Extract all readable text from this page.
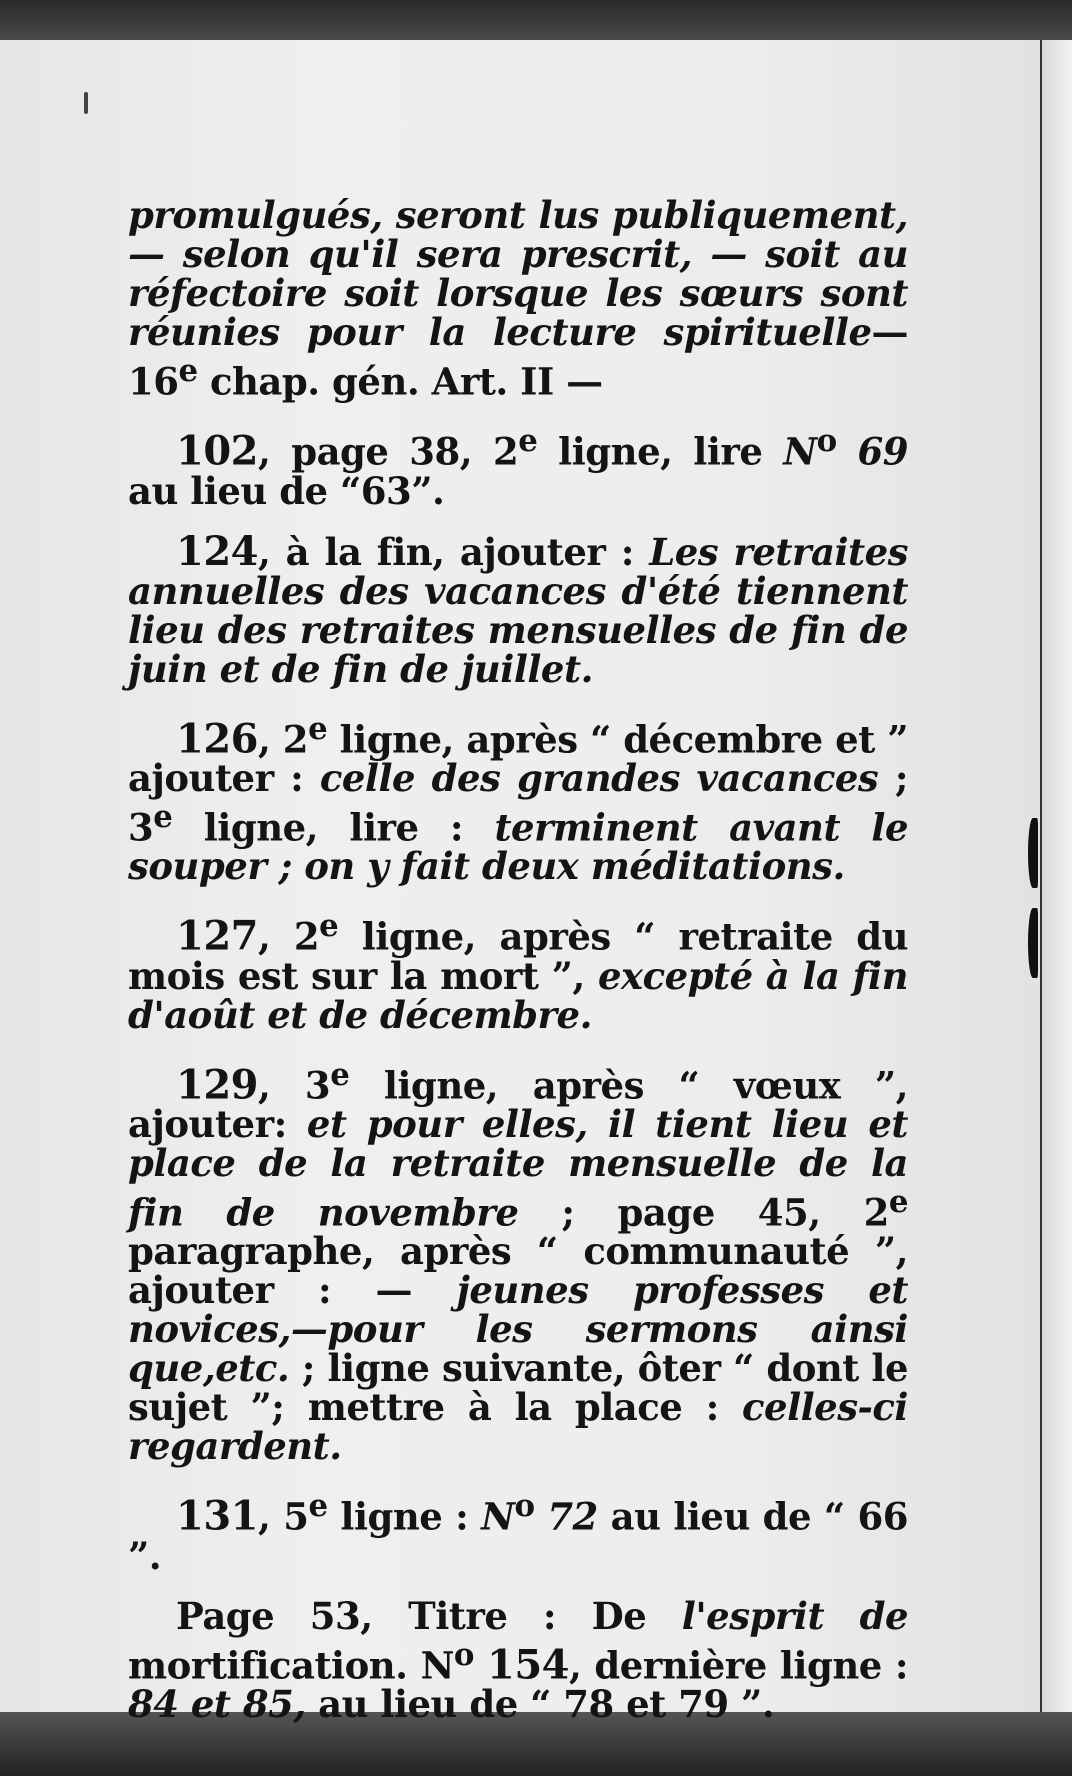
promulgués, seront lus publiquement, — selon qu'il sera prescrit, — soit au réfectoire soit lorsque les sœurs sont réunies pour la lecture spirituelle—16e chap. gén. Art. II —

102, page 38, 2e ligne, lire $N^o$ 69 au lieu de “63”.

124, à la fin, ajouter : Les retraites annuelles des vacances d'été tiennent lieu des retraites mensuelles de fin de juin et de fin de juillet.

126, 2e ligne, après “ décembre et ” ajouter : celle des grandes vacances ; 3e ligne, lire : terminent avant le souper ; on y fait deux méditations.

127, 2e ligne, après “ retraite du mois est sur la mort ”, excepté à la fin d'août et de décembre.

129, 3e ligne, après “ vœux ”, ajouter: et pour elles, il tient lieu et place de la retraite mensuelle de la fin de novembre ; page 45, 2e paragraphe, après “ communauté ”, ajouter : — jeunes professes et novices,—pour les sermons ainsi que,etc. ; ligne suivante, ôter “ dont le sujet ”; mettre à la place : celles-ci regardent.

131, 5e ligne : $N^o$ 72 au lieu de “ 66 ”.

Page 53, Titre : De l'esprit de mortification. $N^o$ 154, dernière ligne : 84 et 85, au lieu de “ 78 et 79 ”.
